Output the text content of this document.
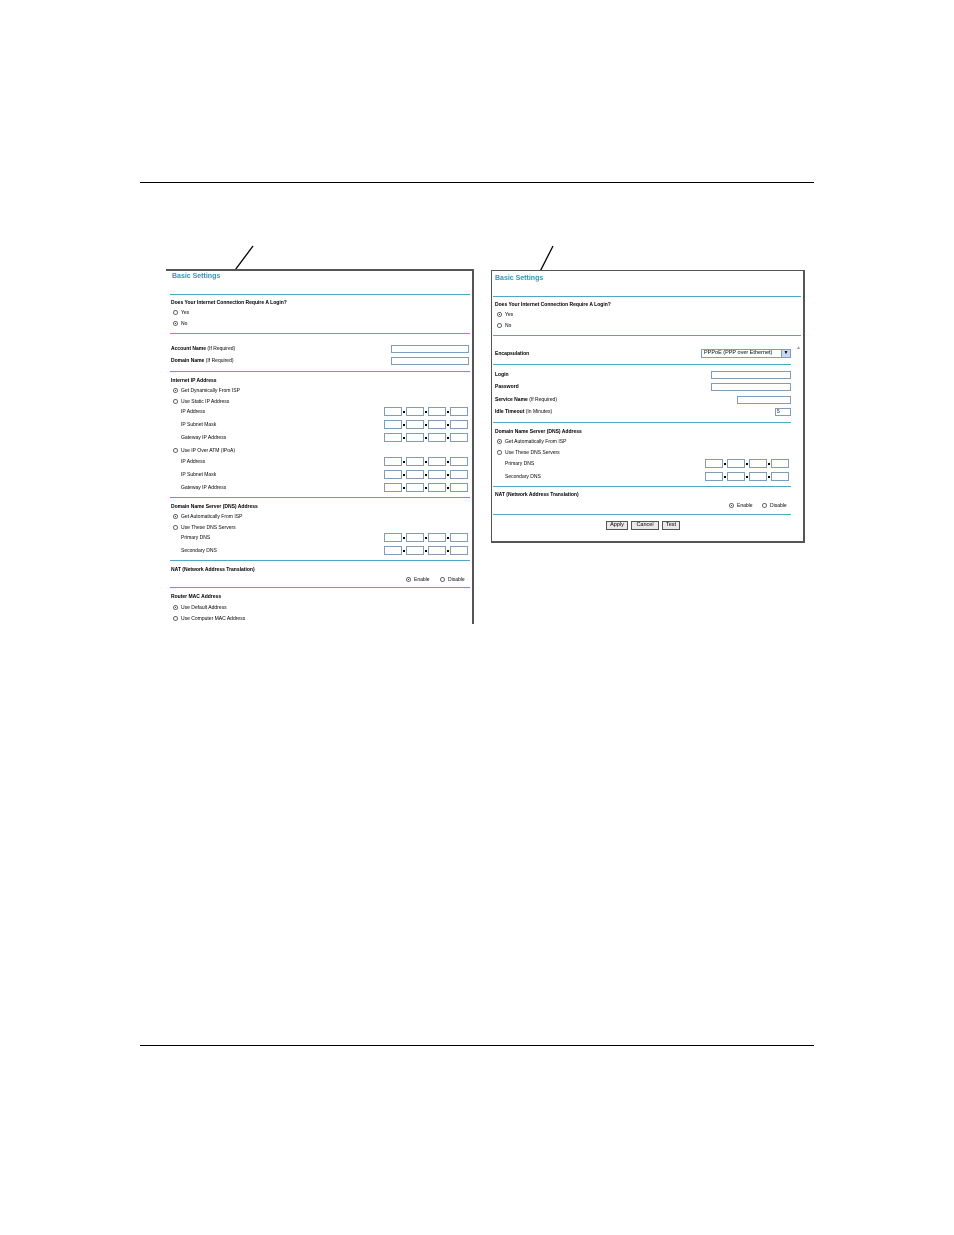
Basic Settings
Does Your Internet Connection Require A Login?
Yes
No
Account Name (If Required)
Domain Name (If Required)
Internet IP Address
Get Dynamically From ISP
Use Static IP Address
IP Address
IP Subnet Mask
Gateway IP Address
Use IP Over ATM (IPoA)
IP Address
IP Subnet Mask
Gateway IP Address
Domain Name Server (DNS) Address
Get Automatically From ISP
Use These DNS Servers
Primary DNS
Secondary DNS
NAT (Network Address Translation)
Enable	Disable
Router MAC Address
Use Default Address
Use Computer MAC Address
Basic Settings
Does Your Internet Connection Require A Login?
Yes
No
Encapsulation	PPPoE (PPP over Ethernet)	▼
▲
Login
Password
Service Name (If Required)
Idle Timeout (In Minutes)	5
Domain Name Server (DNS) Address
Get Automatically From ISP
Use These DNS Servers
Primary DNS
Secondary DNS
NAT (Network Address Translation)
Enable	Disable
Apply	Cancel	Test
